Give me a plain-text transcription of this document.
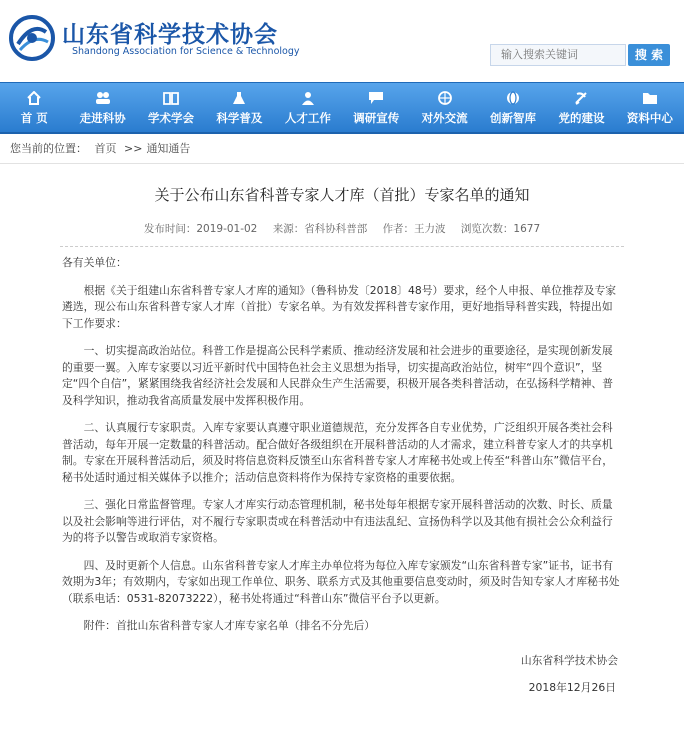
山东省科学技术协会
Shandong Association for Science & Technology	输入搜索关键词	搜 索
首 页	走进科协	学术学会	科学普及	人才工作	调研宣传	对外交流	创新智库	党的建设	资料中心
您当前的位置： 首页 >> 通知通告
关于公布山东省科普专家人才库（首批）专家名单的通知
发布时间：2019-01-02 来源：省科协科普部 作者：王力波 浏览次数：1677

各有关单位：

根据《关于组建山东省科普专家人才库的通知》（鲁科协发〔2018〕48号）要求，经个人申报、单位推荐及专家遴选，现公布山东省科普专家人才库（首批）专家名单。为有效发挥科普专家作用，更好地指导科普实践，特提出如下工作要求：

一、切实提高政治站位。科普工作是提高公民科学素质、推动经济发展和社会进步的重要途径，是实现创新发展的重要一翼。入库专家要以习近平新时代中国特色社会主义思想为指导，切实提高政治站位，树牢“四个意识”，坚定“四个自信”，紧紧围绕我省经济社会发展和人民群众生产生活需要，积极开展各类科普活动，在弘扬科学精神、普及科学知识，推动我省高质量发展中发挥积极作用。

二、认真履行专家职责。入库专家要认真遵守职业道德规范，充分发挥各自专业优势，广泛组织开展各类社会科普活动，每年开展一定数量的科普活动。配合做好各级组织在开展科普活动的人才需求，建立科普专家人才的共享机制。专家在开展科普活动后，须及时将信息资料反馈至山东省科普专家人才库秘书处或上传至“科普山东”微信平台，秘书处适时通过相关媒体予以推介；活动信息资料将作为保持专家资格的重要依据。

三、强化日常监督管理。专家人才库实行动态管理机制，秘书处每年根据专家开展科普活动的次数、时长、质量以及社会影响等进行评估，对不履行专家职责或在科普活动中有违法乱纪、宣扬伪科学以及其他有损社会公众利益行为的将予以警告或取消专家资格。

四、及时更新个人信息。山东省科普专家人才库主办单位将为每位入库专家颁发“山东省科普专家”证书，证书有效期为3年；有效期内，专家如出现工作单位、职务、联系方式及其他重要信息变动时，须及时告知专家人才库秘书处（联系电话：0531-82073222），秘书处将通过“科普山东”微信平台予以更新。

附件：首批山东省科普专家人才库专家名单（排名不分先后）

山东省科学技术协会
2018年12月26日
